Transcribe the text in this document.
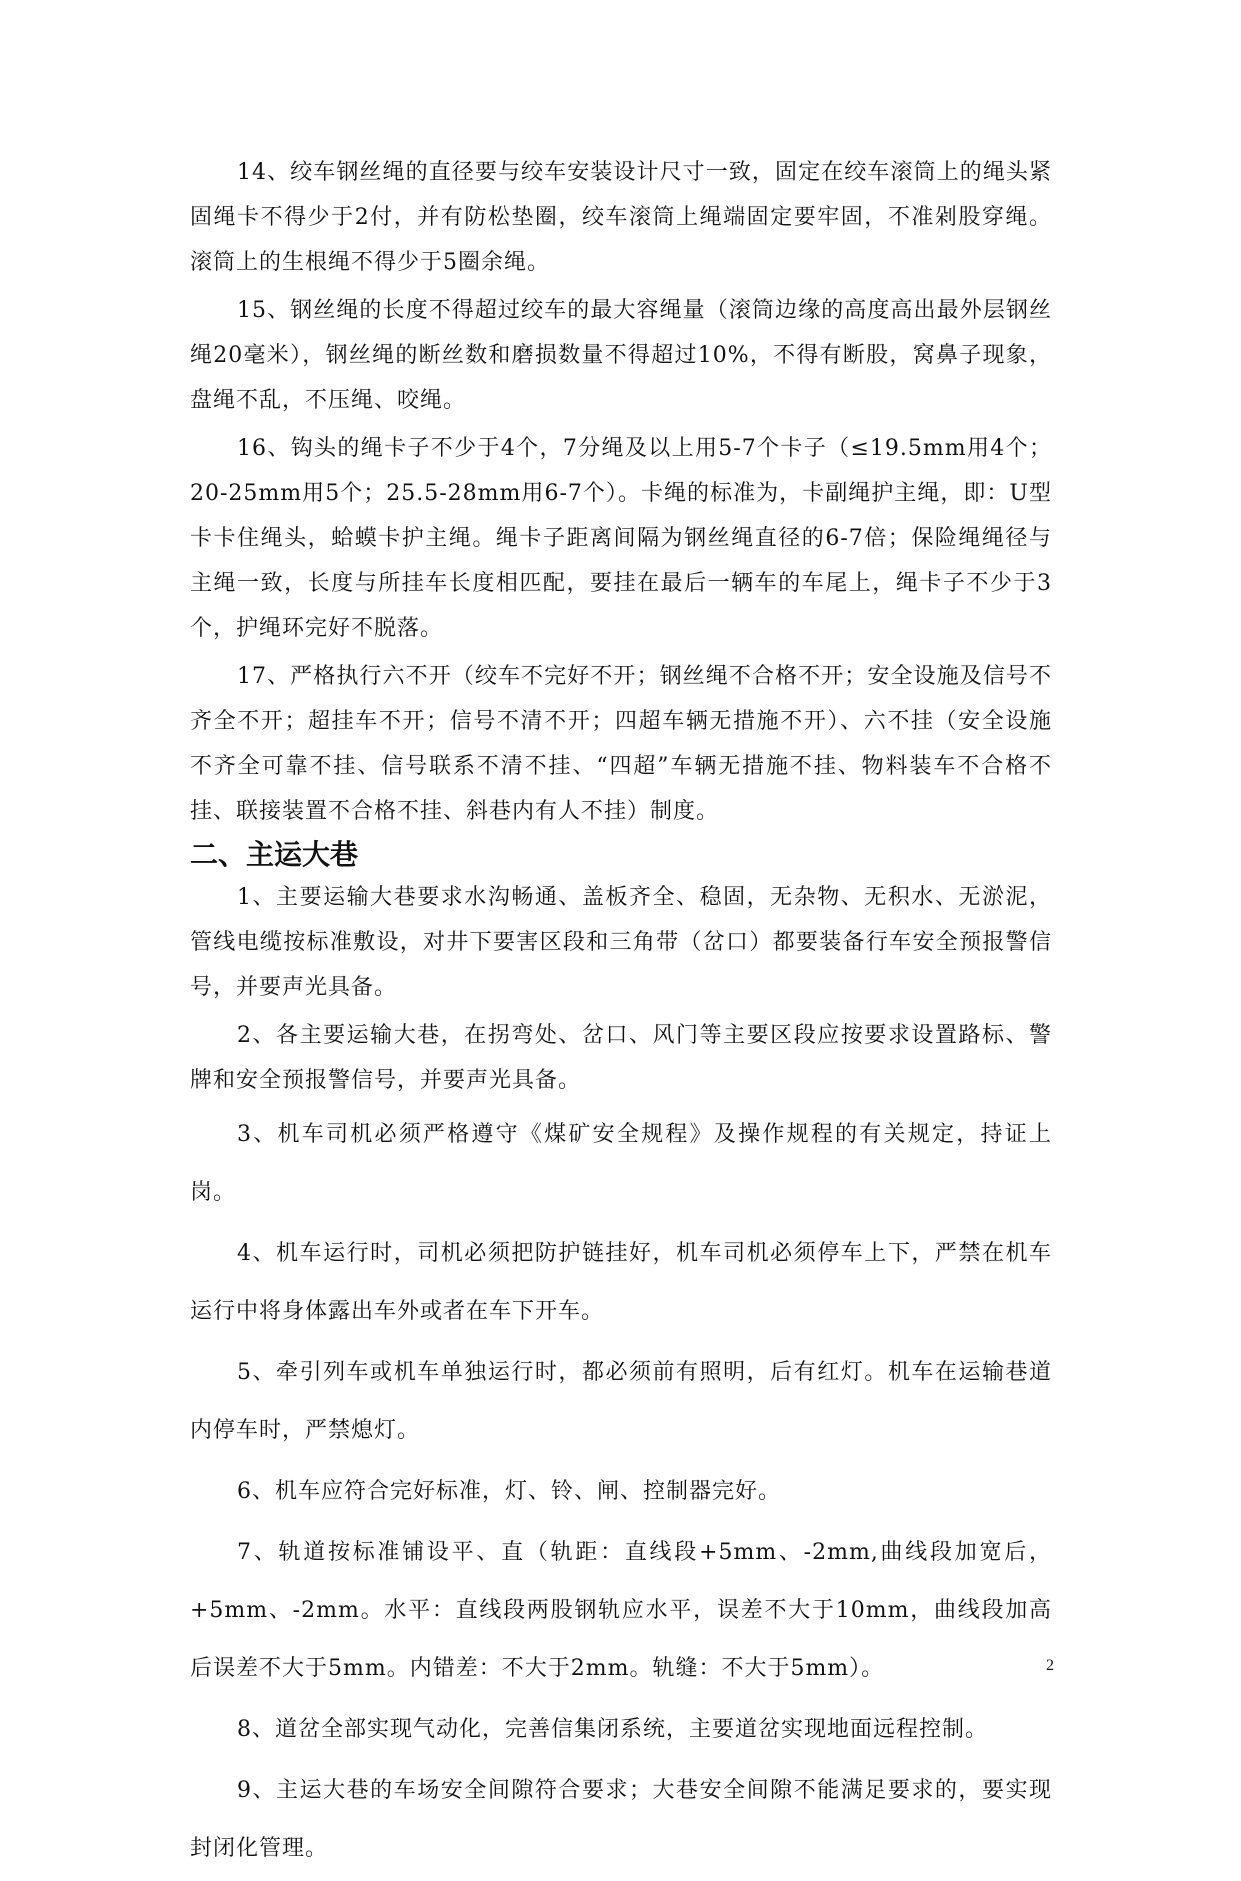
14、绞车钢丝绳的直径要与绞车安装设计尺寸一致，固定在绞车滚筒上的绳头紧固绳卡不得少于2付，并有防松垫圈，绞车滚筒上绳端固定要牢固，不准剁股穿绳。滚筒上的生根绳不得少于5圈余绳。

15、钢丝绳的长度不得超过绞车的最大容绳量（滚筒边缘的高度高出最外层钢丝绳20毫米），钢丝绳的断丝数和磨损数量不得超过10%，不得有断股，窝鼻子现象，盘绳不乱，不压绳、咬绳。

16、钩头的绳卡子不少于4个，7分绳及以上用5-7个卡子（≤19.5mm用4个；20-25mm用5个；25.5-28mm用6-7个）。卡绳的标准为，卡副绳护主绳，即：U型卡卡住绳头，蛤蟆卡护主绳。绳卡子距离间隔为钢丝绳直径的6-7倍；保险绳绳径与主绳一致，长度与所挂车长度相匹配，要挂在最后一辆车的车尾上，绳卡子不少于3个，护绳环完好不脱落。

17、严格执行六不开（绞车不完好不开；钢丝绳不合格不开；安全设施及信号不齐全不开；超挂车不开；信号不清不开；四超车辆无措施不开）、六不挂（安全设施不齐全可靠不挂、信号联系不清不挂、“四超”车辆无措施不挂、物料装车不合格不挂、联接装置不合格不挂、斜巷内有人不挂）制度。

二、主运大巷

1、主要运输大巷要求水沟畅通、盖板齐全、稳固，无杂物、无积水、无淤泥，管线电缆按标准敷设，对井下要害区段和三角带（岔口）都要装备行车安全预报警信号，并要声光具备。

2、各主要运输大巷，在拐弯处、岔口、风门等主要区段应按要求设置路标、警牌和安全预报警信号，并要声光具备。

3、机车司机必须严格遵守《煤矿安全规程》及操作规程的有关规定，持证上岗。

4、机车运行时，司机必须把防护链挂好，机车司机必须停车上下，严禁在机车运行中将身体露出车外或者在车下开车。

5、牵引列车或机车单独运行时，都必须前有照明，后有红灯。机车在运输巷道内停车时，严禁熄灯。

6、机车应符合完好标准，灯、铃、闸、控制器完好。

7、轨道按标准铺设平、直（轨距：直线段+5mm、-2mm,曲线段加宽后，+5mm、-2mm。水平：直线段两股钢轨应水平，误差不大于10mm，曲线段加高后误差不大于5mm。内错差：不大于2mm。轨缝：不大于5mm）。

8、道岔全部实现气动化，完善信集闭系统，主要道岔实现地面远程控制。

9、主运大巷的车场安全间隙符合要求；大巷安全间隙不能满足要求的，要实现封闭化管理。

2
